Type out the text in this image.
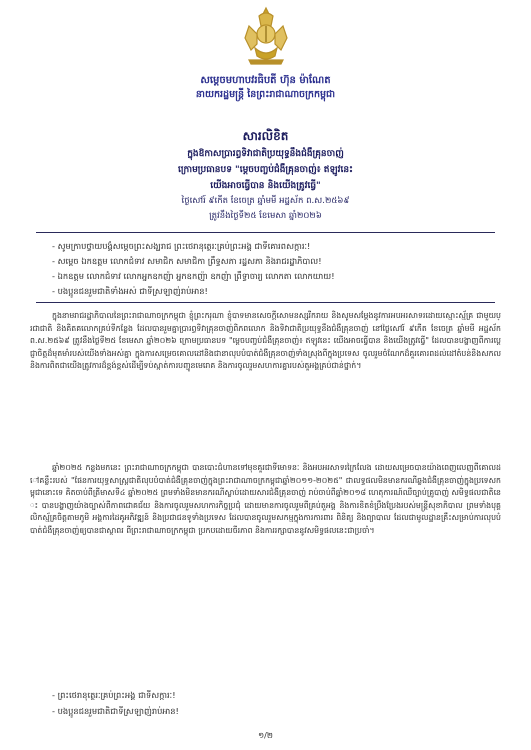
សម្ដេចមហាបវរធិបតី ហ៊ុន ម៉ាណែត
នាយករដ្ឋមន្ត្រី នៃព្រះរាជាណាចក្រកម្ពុជា
សារលិខិត
ក្នុងឱកាសប្រារព្ធទិវាជាតិប្រយុទ្ធនឹងជំងឺគ្រុនចាញ់
ក្រោមប្រធានបទ "ម្ដេចបញ្ចប់ជំងឺគ្រុនចាញ់៖ ឥឡូវនេះ
យើងអាចធ្វើបាន និងយើងត្រូវធ្វើ"
ថ្ងៃសៅរ៍ ៩កើត ខែចេត្រ ឆ្នាំមមី អដ្ឋស័ក ព.ស.២៥៦៩
ត្រូវនឹងថ្ងៃទី២៥ ខែមេសា ឆ្នាំ២០២៦
- សូមក្រាបថ្វាយបង្គំសម្ដេចព្រះសង្ឃរាជ ព្រះថេរានុត្ថេរៈគ្រប់ព្រះអង្គ ជាទីគោរពសក្ការៈ!
- សម្ដេច ឯកឧត្ដម លោកជំទាវ សមាជិក សមាជិកា ព្រឹទ្ធសភា រដ្ឋសភា និងរាជរដ្ឋាភិបាល!
- ឯកឧត្ដម លោកជំទាវ លោកអ្នកឧកញ៉ា អ្នកឧកញ៉ា ឧកញ៉ា ព្រឹទ្ធាចារ្យ លោកតា លោកយាយ!
- បងប្អូនជនរួមជាតិទាំងអស់ ជាទីស្រឡាញ់រាប់អាន!
ក្នុងនាមរាជរដ្ឋាភិបាលនៃព្រះរាជាណាចក្រកម្ពុជា ខ្ញុំព្រះករុណា ខ្ញុំបាទមានសេចក្ដីសោមនស្សរីករាយ និងសូមសម្ដែងនូវការអបអរសាទរដោយស្មោះស្ម័គ្រ ជាមួយប្រជាជាតិ និងគិតគលោកគ្រប់ទីកន្លែង ដែលបានរួមគ្នាប្រារព្ធទិវាគ្រុនចាញ់ពិភពលោក និងទិវាជាតិប្រយុទ្ធនឹងជំងឺគ្រុនចាញ់ នៅថ្ងៃសៅរ៍ ៩កើត ខែចេត្រ ឆ្នាំមមី អដ្ឋស័ក ព.ស.២៥៦៩ ត្រូវនឹងថ្ងៃទី២៥ ខែមេសា ឆ្នាំ២០២៦ ក្រោមប្រធានបទ "ម្ដេចបញ្ចប់ជំងឺគ្រុនចាញ់៖ ឥឡូវនេះ យើងអាចធ្វើបាន និងយើងត្រូវធ្វើ" ដែលបានបង្ហាញពីការប្ដេជ្ញាចិត្តដ៏មុតមាំរបស់យើងទាំងអស់គ្នា ក្នុងការសម្រេចគោលដៅនិងជានាលុបបំបាត់ជំងឺគ្រុនចាញ់ទាំងស្រុងពីក្នុងប្រទេស ចូលរួមចំណែកដ៏គួរគោរពដល់ដៅតំបន់និងសកល និងការពិតជាយើងត្រូវការដ៏ខ្ពង់ខ្ពស់ដើម្បីទប់ស្កាត់ការបញ្ជូនមេរោគ និងការចូលរួមសហការគ្នារបស់តួអង្គគ្រប់ជាន់ថ្នាក់។
ឆ្នាំ២០២៥ កន្លងមកនេះ ព្រះរាជាណាចក្រកម្ពុជា បានបោះជំហានទៅមុខគួរជាទីមោទនៈ និងអបអរសាទរក្រៃលែង ដោយសម្រេចបានយ៉ាងពេញលេញពីគោលដៅគន្លឹះរបស់ "ផែនការយុទ្ធសាស្ត្រជាតិលុបបំបាត់ជំងឺគ្រុនចាញ់ក្នុងព្រះរាជាណាចក្រកម្ពុជាឆ្នាំ២០១១-២០២៥" ជាលទ្ធផលមិនមានករណីឆ្លងជំងឺគ្រុនចាញ់ក្នុងប្រទេសកម្ពុជានោះទេ គិតចាប់ពីត្រីមាសទី៤ ឆ្នាំ២០២៥ ព្រមទាំងមិនមានករណីស្លាប់ដោយសារជំងឺគ្រុនចាញ់ រាប់ចាប់ពីឆ្នាំ២០១៨ ហេតុការណ៍ឈឺច្បាប់គ្រូបាញ់ សមិទ្ធផលជាតិនេះ បានបង្ហាញយ៉ាងច្បាស់ពីភាពជោគជ័យ និងការចូលរួមសហការកិច្ចប្រជុំ ដោយមានការចូលរួមពីគ្រប់តួអង្គ និងការខិតខំប្រឹងប្រែងរបស់មន្ត្រីសុខាភិបាល ព្រមទាំងបុគ្គលិកស្ម័គ្រចិត្តតាមភូមិ អង្គការដៃគូអភិវឌ្ឍន៍ និងប្រជាជនទូទាំងប្រទេស ដែលបានចូលរួមសកម្មក្នុងការការពារ ពិនិត្យ និងព្យាបាល ដែលជាមូលដ្ឋានគ្រឹះសម្រាប់ការលុបបំបាត់ជំងឺគ្រុនចាញ់ឲ្យបានជាស្ថាពរ ពីព្រះរាជាណាចក្រកម្ពុជា ប្រកបដោយចីរភាព និងការរក្សាបាននូវសមិទ្ធផលនេះជាប្រចាំ។
- ព្រះថេរានុត្ថេរៈគ្រប់ព្រះអង្គ ជាទីសក្ការៈ!
- បងប្អូនជនរួមជាតិជាទីស្រឡាញ់រាប់អាន!
១/២
